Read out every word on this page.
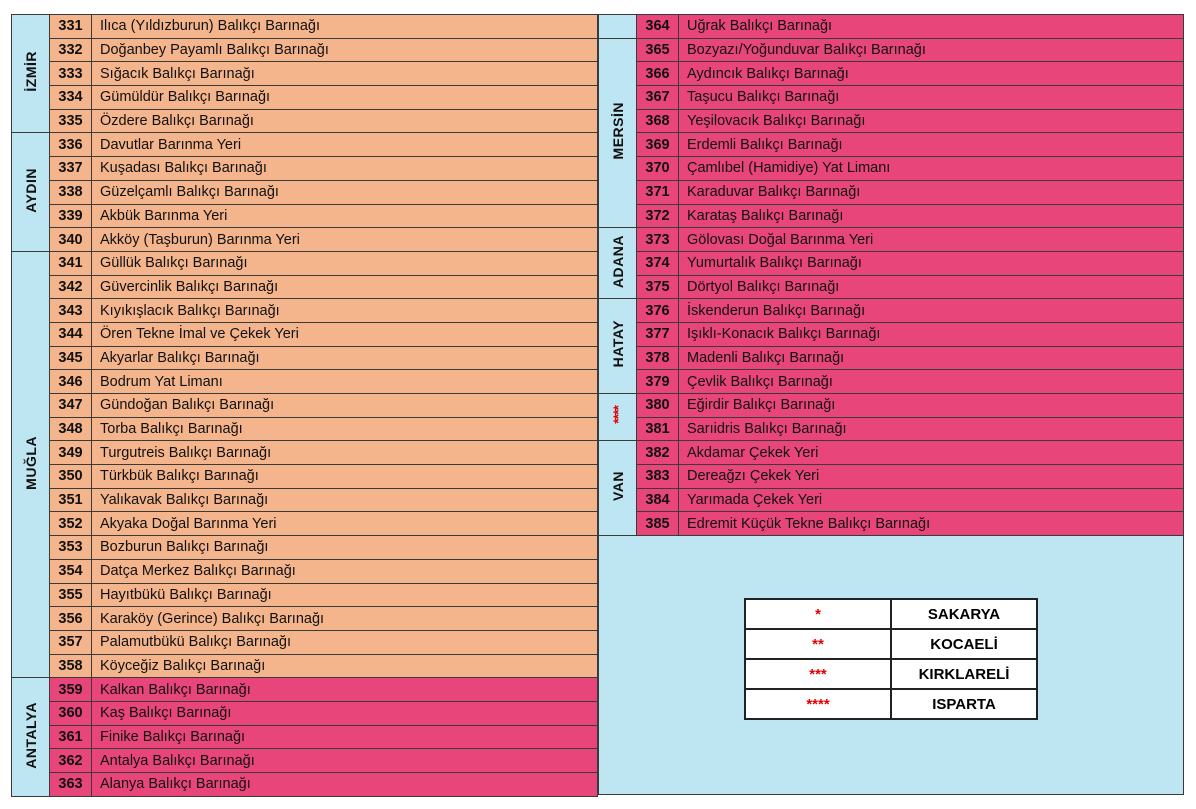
İZMİR	331	Ilıca (Yıldızburun) Balıkçı Barınağı
	332	Doğanbey Payamlı Balıkçı Barınağı
	333	Sığacık Balıkçı Barınağı
	334	Gümüldür Balıkçı Barınağı
	335	Özdere Balıkçı Barınağı
AYDIN	336	Davutlar Barınma Yeri
	337	Kuşadası Balıkçı Barınağı
	338	Güzelçamlı Balıkçı Barınağı
	339	Akbük Barınma Yeri
	340	Akköy (Taşburun) Barınma Yeri
MUĞLA	341	Güllük Balıkçı Barınağı
	342	Güvercinlik Balıkçı Barınağı
	343	Kıyıkışlacık Balıkçı Barınağı
	344	Ören Tekne İmal ve Çekek Yeri
	345	Akyarlar Balıkçı Barınağı
	346	Bodrum Yat Limanı
	347	Gündoğan Balıkçı Barınağı
	348	Torba Balıkçı Barınağı
	349	Turgutreis Balıkçı Barınağı
	350	Türkbük Balıkçı Barınağı
	351	Yalıkavak Balıkçı Barınağı
	352	Akyaka Doğal Barınma Yeri
	353	Bozburun Balıkçı Barınağı
	354	Datça Merkez Balıkçı Barınağı
	355	Hayıtbükü Balıkçı Barınağı
	356	Karaköy (Gerince) Balıkçı Barınağı
	357	Palamutbükü Balıkçı Barınağı
	358	Köyceğiz Balıkçı Barınağı
ANTALYA	359	Kalkan Balıkçı Barınağı
	360	Kaş Balıkçı Barınağı
	361	Finike Balıkçı Barınağı
	362	Antalya Balıkçı Barınağı
	363	Alanya Balıkçı Barınağı
	364	Uğrak Balıkçı Barınağı
MERSİN	365	Bozyazı/Yoğunduvar Balıkçı Barınağı
	366	Aydıncık Balıkçı Barınağı
	367	Taşucu Balıkçı Barınağı
	368	Yeşilovacık Balıkçı Barınağı
	369	Erdemli Balıkçı Barınağı
	370	Çamlıbel (Hamidiye) Yat Limanı
	371	Karaduvar Balıkçı Barınağı
	372	Karataş Balıkçı Barınağı
ADANA	373	Gölovası Doğal Barınma Yeri
	374	Yumurtalık Balıkçı Barınağı
	375	Dörtyol Balıkçı Barınağı
HATAY	376	İskenderun Balıkçı Barınağı
	377	Işıklı-Konacık Balıkçı Barınağı
	378	Madenli Balıkçı Barınağı
	379	Çevlik Balıkçı Barınağı
****	380	Eğirdir Balıkçı Barınağı
	381	Sarıidris Balıkçı Barınağı
VAN	382	Akdamar Çekek Yeri
	383	Dereağzı Çekek Yeri
	384	Yarımada Çekek Yeri
	385	Edremit Küçük Tekne Balıkçı Barınağı
*	SAKARYA
**	KOCAELİ
***	KIRKLARELİ
****	ISPARTA
